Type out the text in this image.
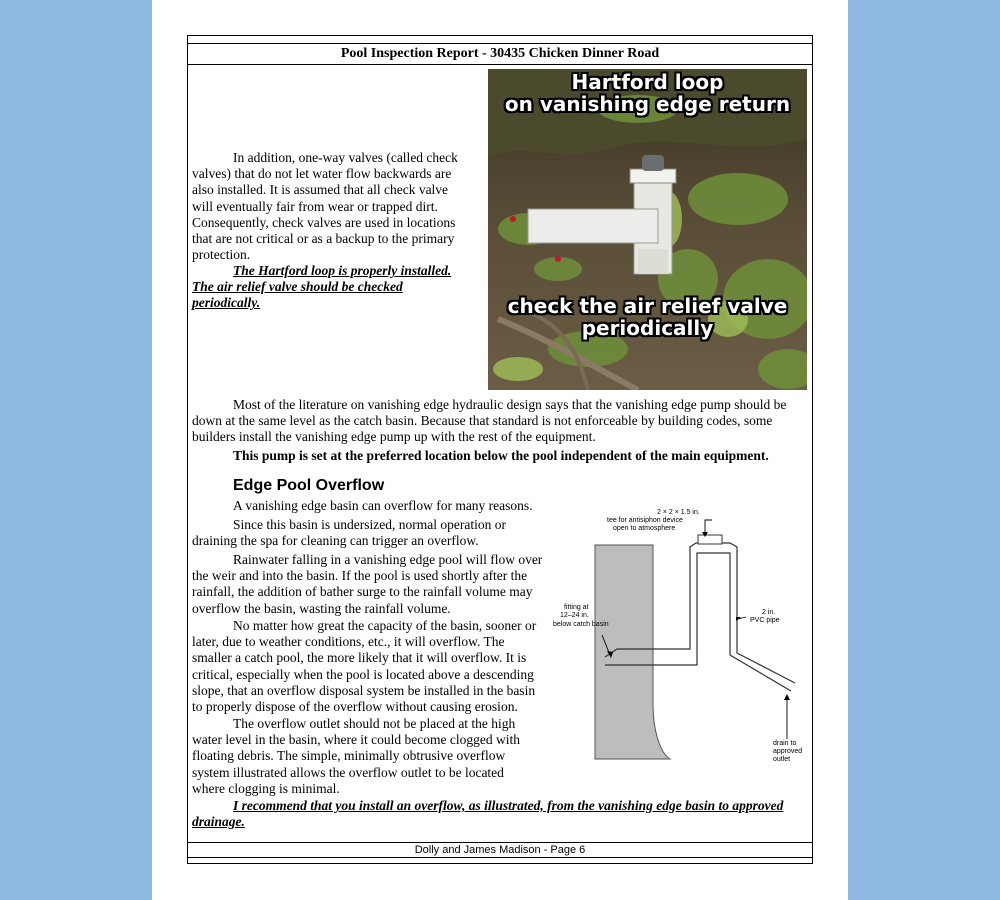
Pool Inspection Report - 30435 Chicken Dinner Road
Hartford loop
on vanishing edge return
check the air relief valve
periodically

In addition, one-way valves (called check valves) that do not let water flow backwards are also installed. It is assumed that all check valve will eventually fair from wear or trapped dirt. Consequently, check valves are used in locations that are not critical or as a backup to the primary protection.

The Hartford loop is properly installed. The air relief valve should be checked periodically.

Most of the literature on vanishing edge hydraulic design says that the vanishing edge pump should be down at the same level as the catch basin. Because that standard is not enforceable by building codes, some builders install the vanishing edge pump up with the rest of the equipment.

This pump is set at the preferred location below the pool independent of the main equipment.

Edge Pool Overflow

A vanishing edge basin can overflow for many reasons.

Since this basin is undersized, normal operation or draining the spa for cleaning can trigger an overflow.

Rainwater falling in a vanishing edge pool will flow over the weir and into the basin. If the pool is used shortly after the rainfall, the addition of bather surge to the rainfall volume may overflow the basin, wasting the rainfall volume.

No matter how great the capacity of the basin, sooner or later, due to weather conditions, etc., it will overflow. The smaller a catch pool, the more likely that it will overflow. It is critical, especially when the pool is located above a descending slope, that an overflow disposal system be installed in the basin to properly dispose of the overflow without causing erosion.

The overflow outlet should not be placed at the high water level in the basin, where it could become clogged with floating debris. The simple, minimally obtrusive overflow system illustrated allows the overflow outlet to be located where clogging is minimal.

I recommend that you install an overflow, as illustrated, from the vanishing edge basin to approved drainage.

2 × 2 × 1.5 in. tee for antisiphon device open to atmosphere
fitting at 12–24 in. below catch basin
2 in. PVC pipe
drain to approved outlet
Dolly and James Madison - Page 6
